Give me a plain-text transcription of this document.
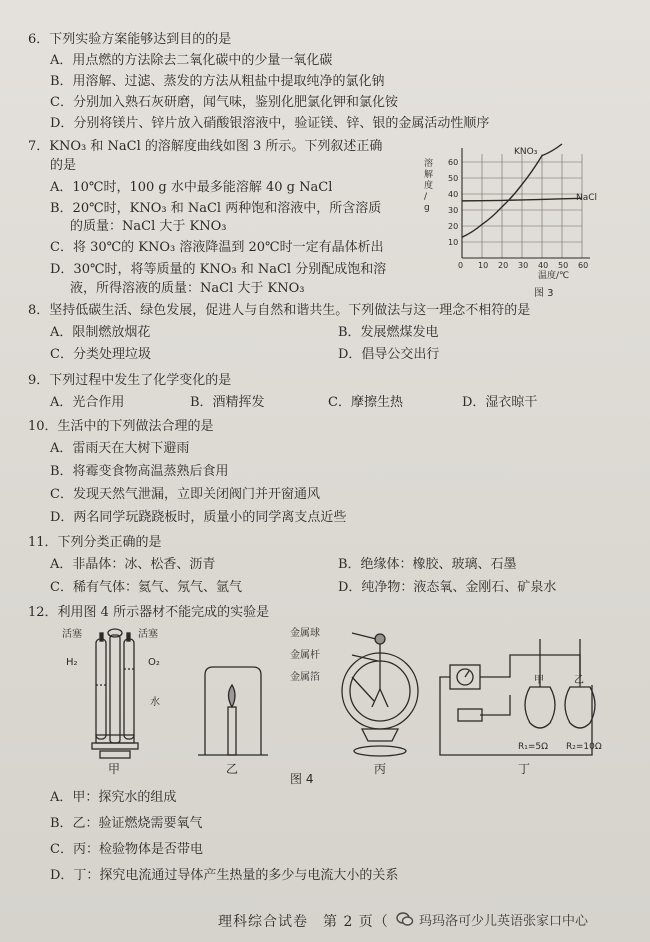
6．下列实验方案能够达到目的的是
A．用点燃的方法除去二氧化碳中的少量一氧化碳
B．用溶解、过滤、蒸发的方法从粗盐中提取纯净的氯化钠
C．分别加入熟石灰研磨，闻气味，鉴别化肥氯化钾和氯化铵
D．分别将镁片、锌片放入硝酸银溶液中，验证镁、锌、银的金属活动性顺序
7．KNO₃ 和 NaCl 的溶解度曲线如图 3 所示。下列叙述正确
的是
A．10℃时，100 g 水中最多能溶解 40 g NaCl
B．20℃时，KNO₃ 和 NaCl 两种饱和溶液中，所含溶质
的质量：NaCl 大于 KNO₃
C．将 30℃的 KNO₃ 溶液降温到 20℃时一定有晶体析出
D．30℃时，将等质量的 KNO₃ 和 NaCl 分别配成饱和溶
液，所得溶液的质量：NaCl 大于 KNO₃
0 10 20 30 40 50 60
10
20
30
40
50
60
溶解度/ g
温度/℃
图 3
KNO₃
NaCl
8．坚持低碳生活、绿色发展，促进人与自然和谐共生。下列做法与这一理念不相符的是
A．限制燃放烟花	B．发展燃煤发电
C．分类处理垃圾	D．倡导公交出行
9．下列过程中发生了化学变化的是
A．光合作用	B．酒精挥发	C．摩擦生热	D．湿衣晾干
10．生活中的下列做法合理的是
A．雷雨天在大树下避雨
B．将霉变食物高温蒸熟后食用
C．发现天然气泄漏，立即关闭阀门并开窗通风
D．两名同学玩跷跷板时，质量小的同学离支点近些
11．下列分类正确的是
A．非晶体：冰、松香、沥青	B．绝缘体：橡胶、玻璃、石墨
C．稀有气体：氦气、氖气、氩气	D．纯净物：液态氧、金刚石、矿泉水
12．利用图 4 所示器材不能完成的实验是
活塞	活塞
H₂	O₂
水
甲	乙
金属球
金属杆
金属箔
丙
甲	乙
R₁=5Ω R₂=10Ω
丁
图 4
A．甲：探究水的组成
B．乙：验证燃烧需要氧气
C．丙：检验物体是否带电
D．丁：探究电流通过导体产生热量的多少与电流大小的关系
理科综合试卷　第 2 页（ 玛玛洛可少儿英语张家口中心
